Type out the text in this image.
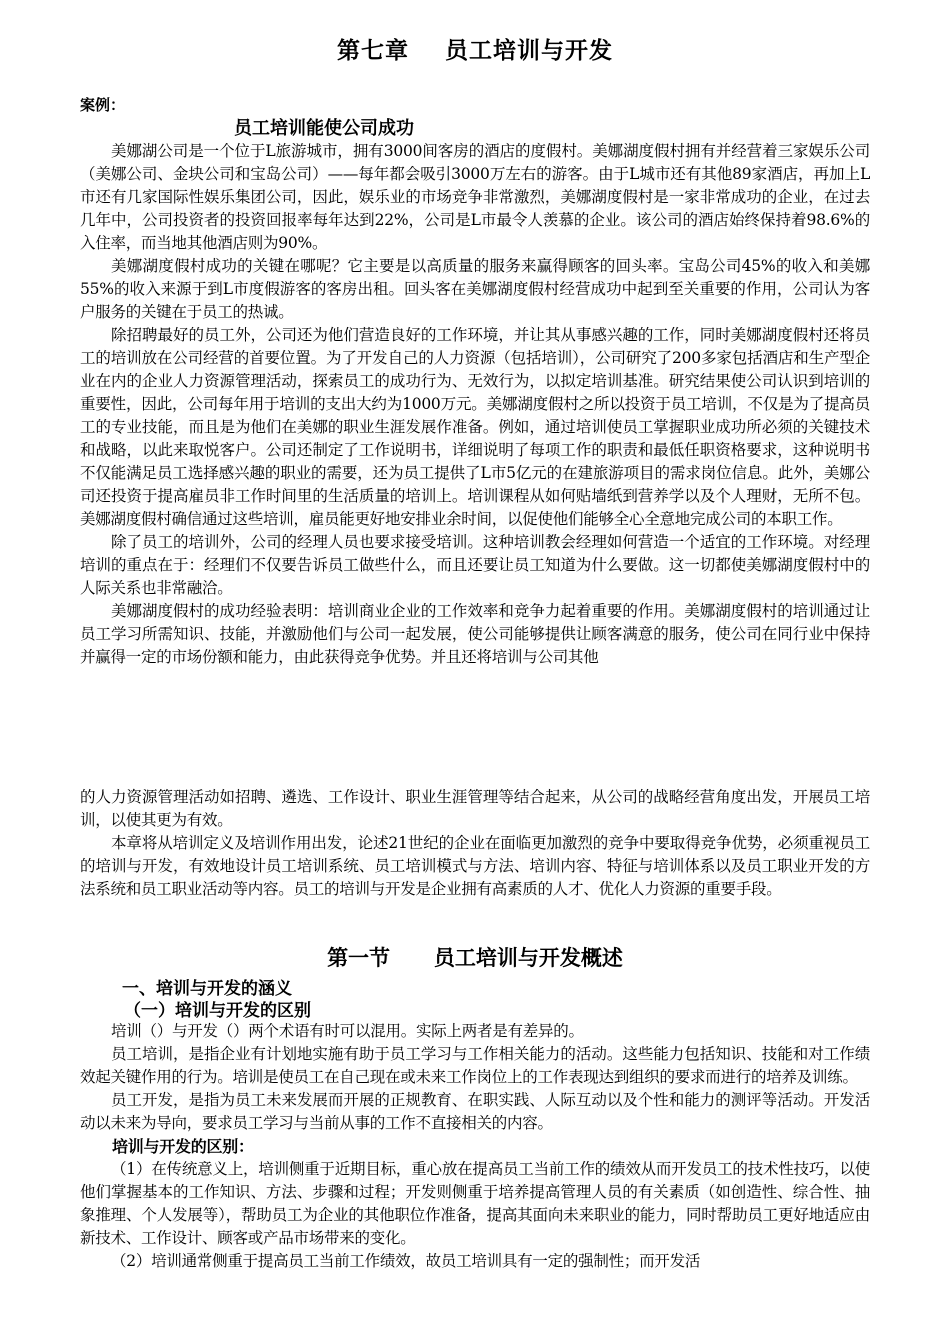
第七章    员工培训与开发
案例：
员工培训能使公司成功

美娜湖公司是一个位于L旅游城市，拥有3000间客房的酒店的度假村。美娜湖度假村拥有并经营着三家娱乐公司（美娜公司、金块公司和宝岛公司）——每年都会吸引3000万左右的游客。由于L城市还有其他89家酒店，再加上L市还有几家国际性娱乐集团公司，因此，娱乐业的市场竞争非常激烈，美娜湖度假村是一家非常成功的企业，在过去几年中，公司投资者的投资回报率每年达到22%，公司是L市最令人羡慕的企业。该公司的酒店始终保持着98.6%的入住率，而当地其他酒店则为90%。

美娜湖度假村成功的关键在哪呢？它主要是以高质量的服务来赢得顾客的回头率。宝岛公司45%的收入和美娜55%的收入来源于到L市度假游客的客房出租。回头客在美娜湖度假村经营成功中起到至关重要的作用，公司认为客户服务的关键在于员工的热诚。

除招聘最好的员工外，公司还为他们营造良好的工作环境，并让其从事感兴趣的工作，同时美娜湖度假村还将员工的培训放在公司经营的首要位置。为了开发自己的人力资源（包括培训），公司研究了200多家包括酒店和生产型企业在内的企业人力资源管理活动，探索员工的成功行为、无效行为，以拟定培训基准。研究结果使公司认识到培训的重要性，因此，公司每年用于培训的支出大约为1000万元。美娜湖度假村之所以投资于员工培训，不仅是为了提高员工的专业技能，而且是为他们在美娜的职业生涯发展作准备。例如，通过培训使员工掌握职业成功所必须的关键技术和战略，以此来取悦客户。公司还制定了工作说明书，详细说明了每项工作的职责和最低任职资格要求，这种说明书不仅能满足员工选择感兴趣的职业的需要，还为员工提供了L市5亿元的在建旅游项目的需求岗位信息。此外，美娜公司还投资于提高雇员非工作时间里的生活质量的培训上。培训课程从如何贴墙纸到营养学以及个人理财，无所不包。美娜湖度假村确信通过这些培训，雇员能更好地安排业余时间，以促使他们能够全心全意地完成公司的本职工作。

除了员工的培训外，公司的经理人员也要求接受培训。这种培训教会经理如何营造一个适宜的工作环境。对经理培训的重点在于：经理们不仅要告诉员工做些什么，而且还要让员工知道为什么要做。这一切都使美娜湖度假村中的人际关系也非常融洽。

美娜湖度假村的成功经验表明：培训商业企业的工作效率和竞争力起着重要的作用。美娜湖度假村的培训通过让员工学习所需知识、技能，并激励他们与公司一起发展，使公司能够提供让顾客满意的服务，使公司在同行业中保持并赢得一定的市场份额和能力，由此获得竞争优势。并且还将培训与公司其他

的人力资源管理活动如招聘、遴选、工作设计、职业生涯管理等结合起来，从公司的战略经营角度出发，开展员工培训，以使其更为有效。

本章将从培训定义及培训作用出发，论述21世纪的企业在面临更加激烈的竞争中要取得竞争优势，必须重视员工的培训与开发，有效地设计员工培训系统、员工培训模式与方法、培训内容、特征与培训体系以及员工职业开发的方法系统和员工职业活动等内容。员工的培训与开发是企业拥有高素质的人才、优化人力资源的重要手段。

第一节      员工培训与开发概述
一、培训与开发的涵义
（一）培训与开发的区别

培训（）与开发（）两个术语有时可以混用。实际上两者是有差异的。

员工培训，是指企业有计划地实施有助于员工学习与工作相关能力的活动。这些能力包括知识、技能和对工作绩效起关键作用的行为。培训是使员工在自己现在或未来工作岗位上的工作表现达到组织的要求而进行的培养及训练。

员工开发，是指为员工未来发展而开展的正规教育、在职实践、人际互动以及个性和能力的测评等活动。开发活动以未来为导向，要求员工学习与当前从事的工作不直接相关的内容。

培训与开发的区别：

（1）在传统意义上，培训侧重于近期目标，重心放在提高员工当前工作的绩效从而开发员工的技术性技巧，以使他们掌握基本的工作知识、方法、步骤和过程；开发则侧重于培养提高管理人员的有关素质（如创造性、综合性、抽象推理、个人发展等），帮助员工为企业的其他职位作准备，提高其面向未来职业的能力，同时帮助员工更好地适应由新技术、工作设计、顾客或产品市场带来的变化。

（2）培训通常侧重于提高员工当前工作绩效，故员工培训具有一定的强制性；而开发活
